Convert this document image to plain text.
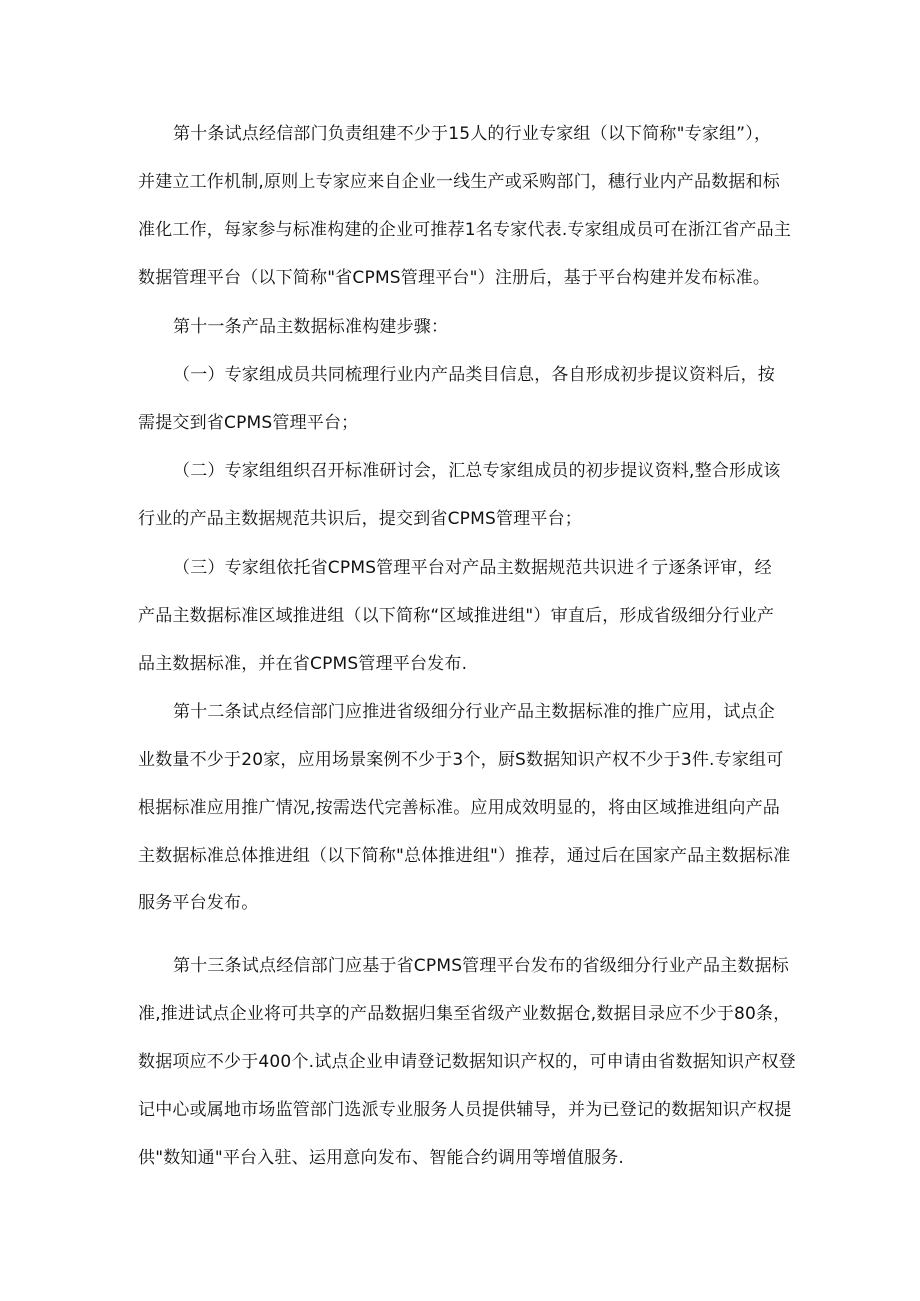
第十条试点经信部门负责组建不少于15人的行业专家组（以下简称"专家组”），
并建立工作机制,原则上专家应来自企业一线生产或采购部门，穗行业内产品数据和标
准化工作，每家参与标准构建的企业可推荐1名专家代表.专家组成员可在浙江省产品主
数据管理平台（以下简称"省CPMS管理平台"）注册后，基于平台构建并发布标准。
第十一条产品主数据标准构建步骤：
（一）专家组成员共同梳理行业内产品类目信息，各自形成初步提议资料后，按
需提交到省CPMS管理平台；
（二）专家组组织召开标准研讨会，汇总专家组成员的初步提议资料,整合形成该
行业的产品主数据规范共识后，提交到省CPMS管理平台；
（三）专家组依托省CPMS管理平台对产品主数据规范共识进彳亍逐条评审，经
产品主数据标准区域推进组（以下简称“区域推进组"）审直后，形成省级细分行业产
品主数据标准，并在省CPMS管理平台发布.
第十二条试点经信部门应推进省级细分行业产品主数据标准的推广应用，试点企
业数量不少于20家，应用场景案例不少于3个，厨S数据知识产权不少于3件.专家组可
根据标准应用推广情况,按需迭代完善标准。应用成效明显的，将由区域推进组向产品
主数据标准总体推进组（以下简称"总体推进组"）推荐，通过后在国家产品主数据标准
服务平台发布。
第十三条试点经信部门应基于省CPMS管理平台发布的省级细分行业产品主数据标
准,推进试点企业将可共享的产品数据归集至省级产业数据仓,数据目录应不少于80条，
数据项应不少于400个.试点企业申请登记数据知识产权的，可申请由省数据知识产权登
记中心或属地市场监管部门选派专业服务人员提供辅导，并为已登记的数据知识产权提
供"数知通"平台入驻、运用意向发布、智能合约调用等增值服务.
